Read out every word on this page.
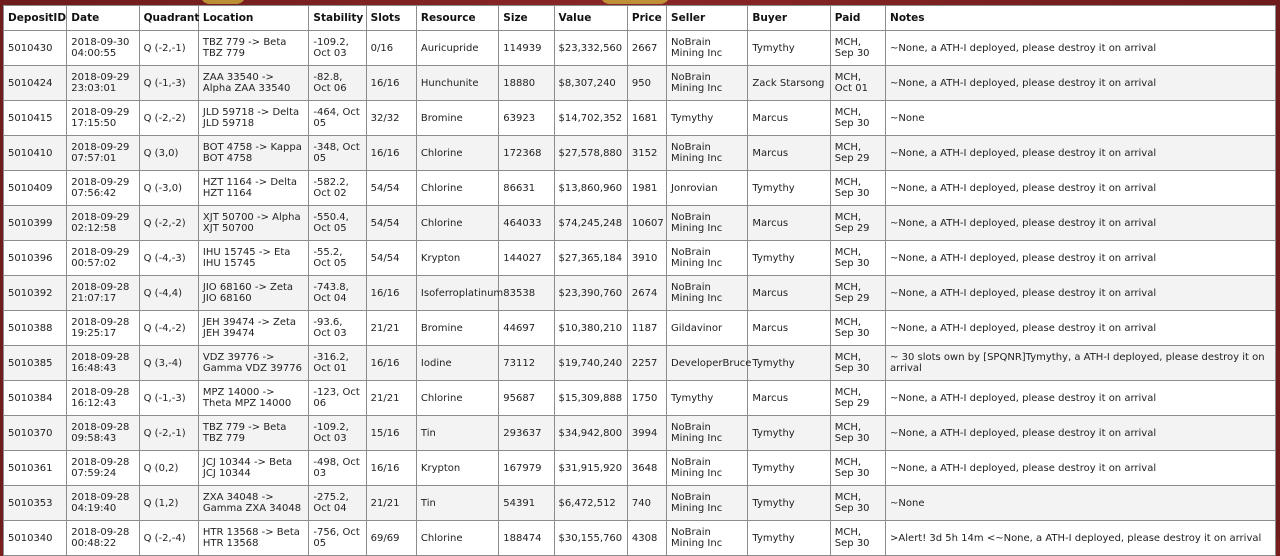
DepositID	Date	Quadrant	Location	Stability	Slots	Resource	Size	Value	Price	Seller	Buyer	Paid	Notes
5010430	2018-09-30 04:00:55	Q (-2,-1)	TBZ 779 -> Beta TBZ 779	-109.2, Oct 03	0/16	Auricupride	114939	$23,332,560	2667	NoBrain Mining Inc	Tymythy	MCH, Sep 30	~None, a ATH-I deployed, please destroy it on arrival
5010424	2018-09-29 23:03:01	Q (-1,-3)	ZAA 33540 -> Alpha ZAA 33540	-82.8, Oct 06	16/16	Hunchunite	18880	$8,307,240	950	NoBrain Mining Inc	Zack Starsong	MCH, Oct 01	~None, a ATH-I deployed, please destroy it on arrival
5010415	2018-09-29 17:15:50	Q (-2,-2)	JLD 59718 -> Delta JLD 59718	-464, Oct 05	32/32	Bromine	63923	$14,702,352	1681	Tymythy	Marcus	MCH, Sep 30	~None
5010410	2018-09-29 07:57:01	Q (3,0)	BOT 4758 -> Kappa BOT 4758	-348, Oct 05	16/16	Chlorine	172368	$27,578,880	3152	NoBrain Mining Inc	Marcus	MCH, Sep 29	~None, a ATH-I deployed, please destroy it on arrival
5010409	2018-09-29 07:56:42	Q (-3,0)	HZT 1164 -> Delta HZT 1164	-582.2, Oct 02	54/54	Chlorine	86631	$13,860,960	1981	Jonrovian	Tymythy	MCH, Sep 30	~None, a ATH-I deployed, please destroy it on arrival
5010399	2018-09-29 02:12:58	Q (-2,-2)	XJT 50700 -> Alpha XJT 50700	-550.4, Oct 05	54/54	Chlorine	464033	$74,245,248	10607	NoBrain Mining Inc	Marcus	MCH, Sep 29	~None, a ATH-I deployed, please destroy it on arrival
5010396	2018-09-29 00:57:02	Q (-4,-3)	IHU 15745 -> Eta IHU 15745	-55.2, Oct 05	54/54	Krypton	144027	$27,365,184	3910	NoBrain Mining Inc	Tymythy	MCH, Sep 30	~None, a ATH-I deployed, please destroy it on arrival
5010392	2018-09-28 21:07:17	Q (-4,4)	JIO 68160 -> Zeta JIO 68160	-743.8, Oct 04	16/16	Isoferroplatinum	83538	$23,390,760	2674	NoBrain Mining Inc	Marcus	MCH, Sep 29	~None, a ATH-I deployed, please destroy it on arrival
5010388	2018-09-28 19:25:17	Q (-4,-2)	JEH 39474 -> Zeta JEH 39474	-93.6, Oct 03	21/21	Bromine	44697	$10,380,210	1187	Gildavinor	Marcus	MCH, Sep 30	~None, a ATH-I deployed, please destroy it on arrival
5010385	2018-09-28 16:48:43	Q (3,-4)	VDZ 39776 -> Gamma VDZ 39776	-316.2, Oct 01	16/16	Iodine	73112	$19,740,240	2257	DeveloperBruce	Tymythy	MCH, Sep 30	~ 30 slots own by [SPQNR]Tymythy, a ATH-I deployed, please destroy it on arrival
5010384	2018-09-28 16:12:43	Q (-1,-3)	MPZ 14000 -> Theta MPZ 14000	-123, Oct 06	21/21	Chlorine	95687	$15,309,888	1750	Tymythy	Marcus	MCH, Sep 29	~None, a ATH-I deployed, please destroy it on arrival
5010370	2018-09-28 09:58:43	Q (-2,-1)	TBZ 779 -> Beta TBZ 779	-109.2, Oct 03	15/16	Tin	293637	$34,942,800	3994	NoBrain Mining Inc	Tymythy	MCH, Sep 30	~None, a ATH-I deployed, please destroy it on arrival
5010361	2018-09-28 07:59:24	Q (0,2)	JCJ 10344 -> Beta JCJ 10344	-498, Oct 03	16/16	Krypton	167979	$31,915,920	3648	NoBrain Mining Inc	Tymythy	MCH, Sep 30	~None, a ATH-I deployed, please destroy it on arrival
5010353	2018-09-28 04:19:40	Q (1,2)	ZXA 34048 -> Gamma ZXA 34048	-275.2, Oct 04	21/21	Tin	54391	$6,472,512	740	NoBrain Mining Inc	Tymythy	MCH, Sep 30	~None
5010340	2018-09-28 00:48:22	Q (-2,-4)	HTR 13568 -> Beta HTR 13568	-756, Oct 05	69/69	Chlorine	188474	$30,155,760	4308	NoBrain Mining Inc	Tymythy	MCH, Sep 30	>Alert! 3d 5h 14m <~None, a ATH-I deployed, please destroy it on arrival
